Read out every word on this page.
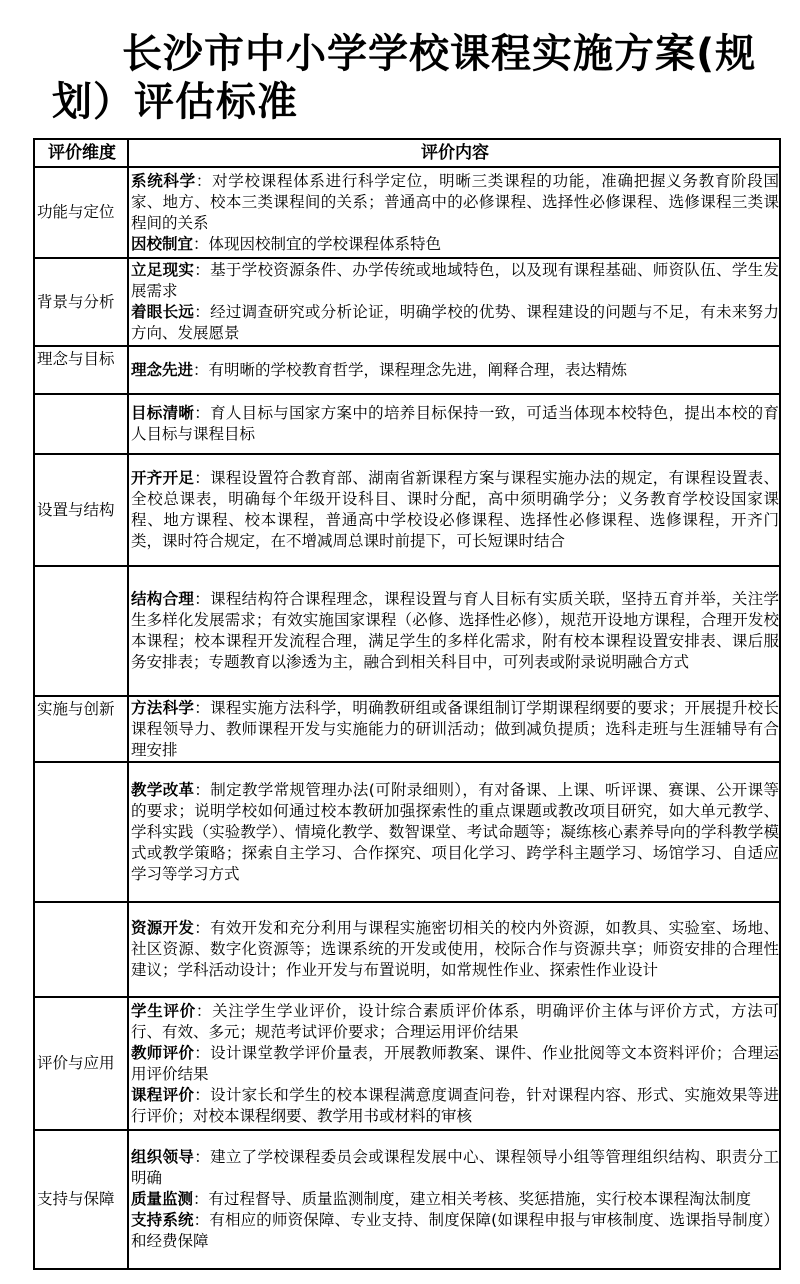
长沙市中小学学校课程实施方案(规划）评估标准
评价维度	评价内容
功能与定位	系统科学：对学校课程体系进行科学定位，明晰三类课程的功能，准确把握义务教育阶段国家、地方、校本三类课程间的关系；普通高中的必修课程、选择性必修课程、选修课程三类课程间的关系
因校制宜：体现因校制宜的学校课程体系特色

背景与分析	立足现实：基于学校资源条件、办学传统或地域特色，以及现有课程基础、师资队伍、学生发展需求
着眼长远：经过调查研究或分析论证，明确学校的优势、课程建设的问题与不足，有未来努力方向、发展愿景

理念与目标	理念先进：有明晰的学校教育哲学，课程理念先进，阐释合理，表达精炼

	目标清晰：育人目标与国家方案中的培养目标保持一致，可适当体现本校特色，提出本校的育人目标与课程目标

设置与结构	开齐开足：课程设置符合教育部、湖南省新课程方案与课程实施办法的规定，有课程设置表、全校总课表，明确每个年级开设科目、课时分配，高中须明确学分；义务教育学校设国家课程、地方课程、校本课程，普通高中学校设必修课程、选择性必修课程、选修课程，开齐门类，课时符合规定，在不增减周总课时前提下，可长短课时结合

	结构合理：课程结构符合课程理念，课程设置与育人目标有实质关联，坚持五育并举，关注学生多样化发展需求；有效实施国家课程（必修、选择性必修），规范开设地方课程，合理开发校本课程；校本课程开发流程合理，满足学生的多样化需求，附有校本课程设置安排表、课后服务安排表；专题教育以渗透为主，融合到相关科目中，可列表或附录说明融合方式

实施与创新	方法科学：课程实施方法科学，明确教研组或备课组制订学期课程纲要的要求；开展提升校长课程领导力、教师课程开发与实施能力的研训活动；做到减负提质；选科走班与生涯辅导有合理安排

	教学改革：制定教学常规管理办法(可附录细则），有对备课、上课、听评课、赛课、公开课等的要求；说明学校如何通过校本教研加强探索性的重点课题或教改项目研究，如大单元教学、学科实践（实验教学）、情境化教学、数智课堂、考试命题等；凝练核心素养导向的学科教学模式或教学策略；探索自主学习、合作探究、项目化学习、跨学科主题学习、场馆学习、自适应学习等学习方式

	资源开发：有效开发和充分利用与课程实施密切相关的校内外资源，如教具、实验室、场地、社区资源、数字化资源等；选课系统的开发或使用，校际合作与资源共享；师资安排的合理性建议；学科活动设计；作业开发与布置说明，如常规性作业、探索性作业设计

评价与应用	学生评价：关注学生学业评价，设计综合素质评价体系，明确评价主体与评价方式，方法可行、有效、多元；规范考试评价要求；合理运用评价结果
教师评价：设计课堂教学评价量表，开展教师教案、课件、作业批阅等文本资料评价；合理运用评价结果
课程评价：设计家长和学生的校本课程满意度调查问卷，针对课程内容、形式、实施效果等进行评价；对校本课程纲要、教学用书或材料的审核

支持与保障	组织领导：建立了学校课程委员会或课程发展中心、课程领导小组等管理组织结构、职责分工明确
质量监测：有过程督导、质量监测制度，建立相关考核、奖惩措施，实行校本课程淘汰制度
支持系统：有相应的师资保障、专业支持、制度保障(如课程申报与审核制度、选课指导制度）和经费保障
